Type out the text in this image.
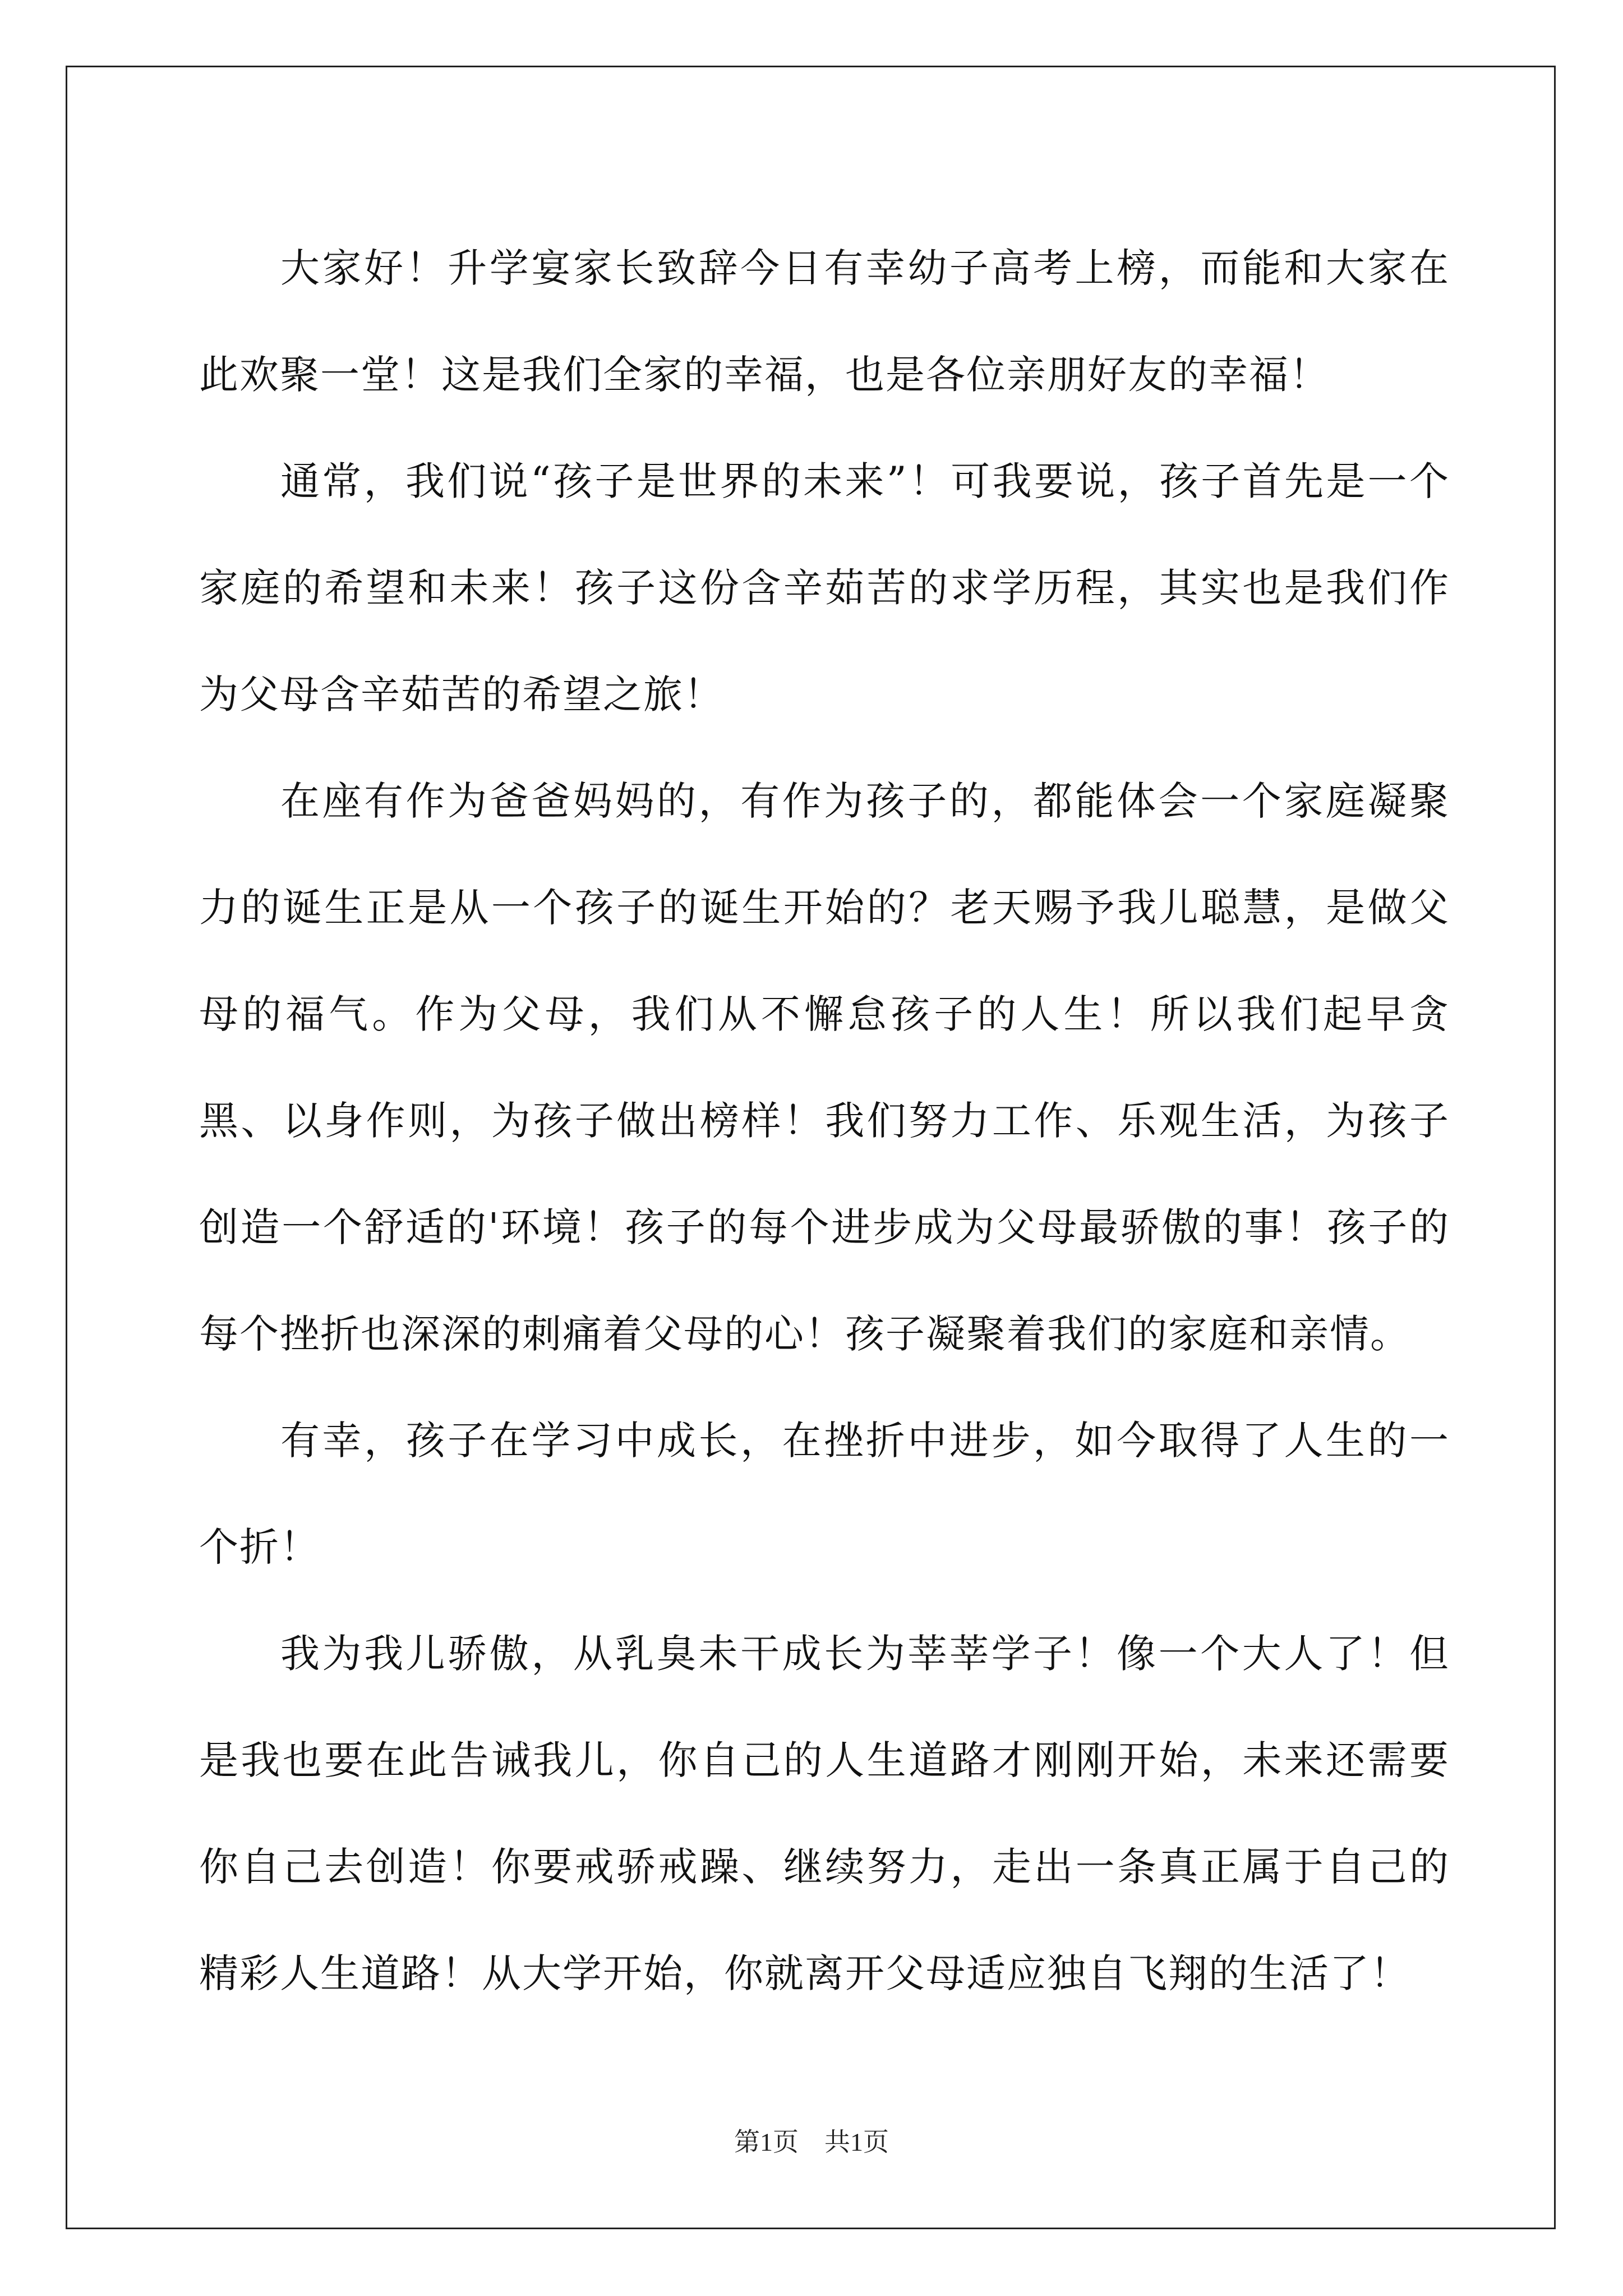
大家好！升学宴家长致辞今日有幸幼子高考上榜，而能和大家在此欢聚一堂！这是我们全家的幸福，也是各位亲朋好友的幸福！

通常，我们说“孩子是世界的未来”！可我要说，孩子首先是一个家庭的希望和未来！孩子这份含辛茹苦的求学历程，其实也是我们作为父母含辛茹苦的希望之旅！

在座有作为爸爸妈妈的，有作为孩子的，都能体会一个家庭凝聚力的诞生正是从一个孩子的诞生开始的？老天赐予我儿聪慧，是做父母的福气。作为父母，我们从不懈怠孩子的人生！所以我们起早贪黑、以身作则，为孩子做出榜样！我们努力工作、乐观生活，为孩子创造一个舒适的'环境！孩子的每个进步成为父母最骄傲的事！孩子的每个挫折也深深的刺痛着父母的心！孩子凝聚着我们的家庭和亲情。

有幸，孩子在学习中成长，在挫折中进步，如今取得了人生的一个折！

我为我儿骄傲，从乳臭未干成长为莘莘学子！像一个大人了！但是我也要在此告诫我儿，你自己的人生道路才刚刚开始，未来还需要你自己去创造！你要戒骄戒躁、继续努力，走出一条真正属于自己的精彩人生道路！从大学开始，你就离开父母适应独自飞翔的生活了！

第1页    共1页
